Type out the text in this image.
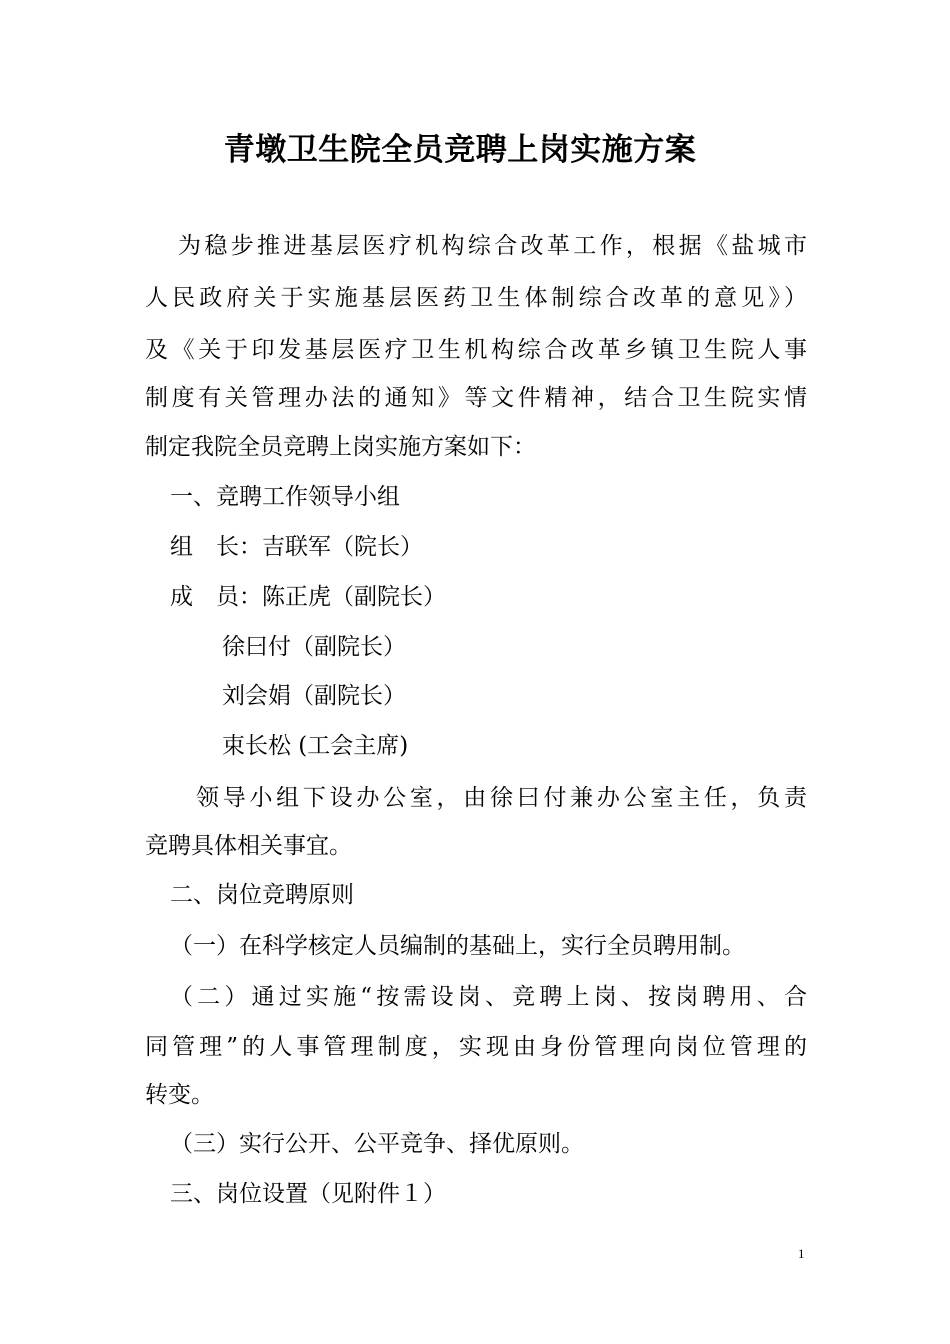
青墩卫生院全员竞聘上岗实施方案

为稳步推进基层医疗机构综合改革工作，根据《盐城市

人民政府关于实施基层医药卫生体制综合改革的意见》）

及《关于印发基层医疗卫生机构综合改革乡镇卫生院人事

制度有关管理办法的通知》等文件精神，结合卫生院实情

制定我院全员竞聘上岗实施方案如下：

一、竞聘工作领导小组

组　长：吉联军（院长）

成　员：陈正虎（副院长）

徐曰付（副院长）

刘会娟（副院长）

束长松 (工会主席)

领导小组下设办公室，由徐曰付兼办公室主任，负责

竞聘具体相关事宜。

二、岗位竞聘原则

（一）在科学核定人员编制的基础上，实行全员聘用制。

（二）通过实施“按需设岗、竞聘上岗、按岗聘用、合

同管理”的人事管理制度，实现由身份管理向岗位管理的

转变。

（三）实行公开、公平竞争、择优原则。

三、岗位设置（见附件１）

1
